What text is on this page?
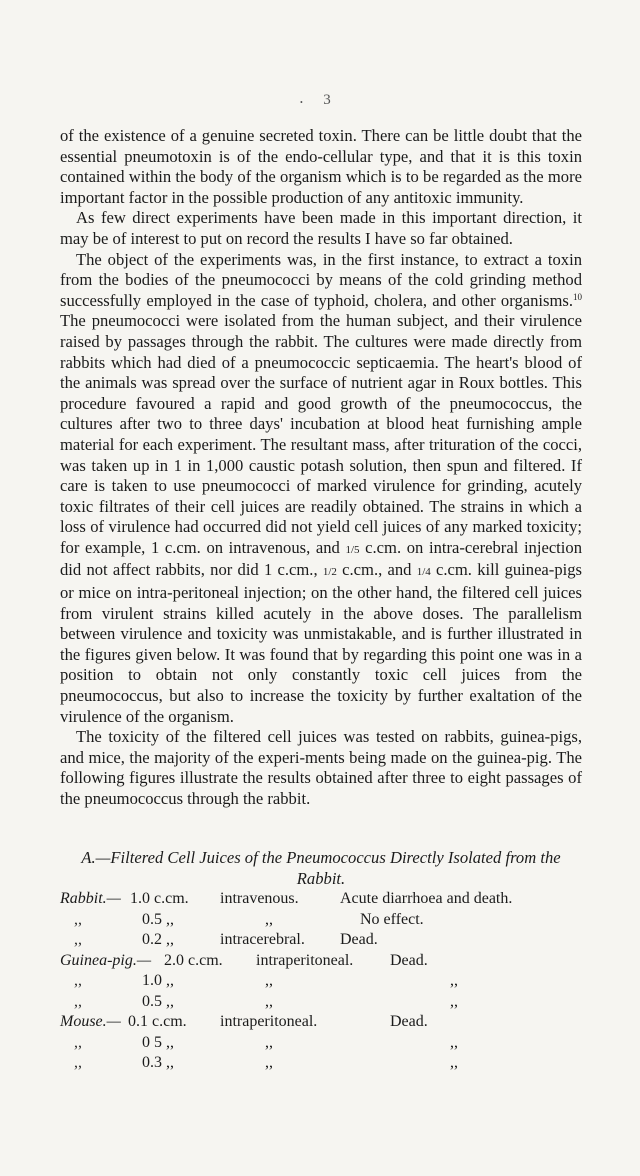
• 3

of the existence of a genuine secreted toxin. There can be little doubt that the essential pneumotoxin is of the endo-cellular type, and that it is this toxin contained within the body of the organism which is to be regarded as the more important factor in the possible production of any antitoxic immunity.

As few direct experiments have been made in this important direction, it may be of interest to put on record the results I have so far obtained.

The object of the experiments was, in the first instance, to extract a toxin from the bodies of the pneumococci by means of the cold grinding method successfully employed in the case of typhoid, cholera, and other organisms.$^{10}$ The pneumococci were isolated from the human subject, and their virulence raised by passages through the rabbit. The cultures were made directly from rabbits which had died of a pneumococcic septicaemia. The heart's blood of the animals was spread over the surface of nutrient agar in Roux bottles. This procedure favoured a rapid and good growth of the pneumococcus, the cultures after two to three days' incubation at blood heat furnishing ample material for each experiment. The resultant mass, after trituration of the cocci, was taken up in 1 in 1,000 caustic potash solution, then spun and filtered. If care is taken to use pneumococci of marked virulence for grinding, acutely toxic filtrates of their cell juices are readily obtained. The strains in which a loss of virulence had occurred did not yield cell juices of any marked toxicity; for example, 1 c.cm. on intravenous, and 1/5 c.cm. on intra-cerebral injection did not affect rabbits, nor did 1 c.cm., 1/2 c.cm., and 1/4 c.cm. kill guinea-pigs or mice on intra-peritoneal injection; on the other hand, the filtered cell juices from virulent strains killed acutely in the above doses. The parallelism between virulence and toxicity was unmistakable, and is further illustrated in the figures given below. It was found that by regarding this point one was in a position to obtain not only constantly toxic cell juices from the pneumococcus, but also to increase the toxicity by further exaltation of the virulence of the organism.

The toxicity of the filtered cell juices was tested on rabbits, guinea-pigs, and mice, the majority of the experi-ments being made on the guinea-pig. The following figures illustrate the results obtained after three to eight passages of the pneumococcus through the rabbit.

A.—Filtered Cell Juices of the Pneumococcus Directly Isolated from the Rabbit.
Rabbit.— 1.0 c.cm. intravenous.	Acute diarrhoea and death.
,,	0.5 ,,	,,	No effect.
,,	0.2 ,,	intracerebral. Dead.
Guinea-pig.— 2.0 c.cm. intraperitoneal. Dead.
,,	1.0 ,,	,,	,,
,,	0.5 ,,	,,	,,
Mouse.— 0.1 c.cm. intraperitoneal.	Dead.
,,	0 5 ,,	,,	,,
,,	0.3 ,,	,,	,,
